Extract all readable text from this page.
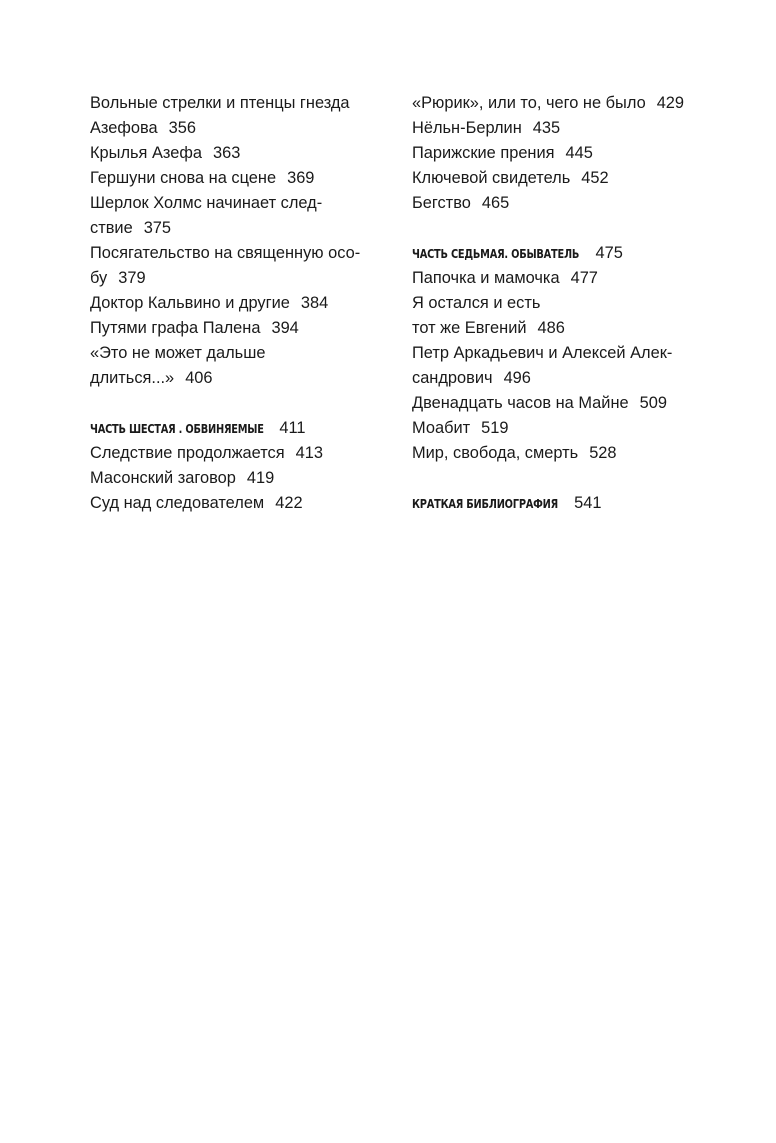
Вольные стрелки и птенцы гнезда
Азефова 356
Крылья Азефа 363
Гершуни снова на сцене 369
Шерлок Холмс начинает след-
ствие 375
Посягательство на священную осо-
бу 379
Доктор Кальвино и другие 384
Путями графа Палена 394
«Это не может дальше
длиться...» 406
ЧАСТЬ ШЕСТАЯ . ОБВИНЯЕМЫЕ 411
Следствие продолжается 413
Масонский заговор 419
Суд над следователем 422
«Рюрик», или то, чего не было 429
Нёльн-Берлин 435
Парижские прения 445
Ключевой свидетель 452
Бегство 465
ЧАСТЬ СЕДЬМАЯ. ОБЫВАТЕЛЬ 475
Папочка и мамочка 477
Я остался и есть
тот же Евгений 486
Петр Аркадьевич и Алексей Алек-
сандрович 496
Двенадцать часов на Майне 509
Моабит 519
Мир, свобода, смерть 528
КРАТКАЯ БИБЛИОГРАФИЯ 541
